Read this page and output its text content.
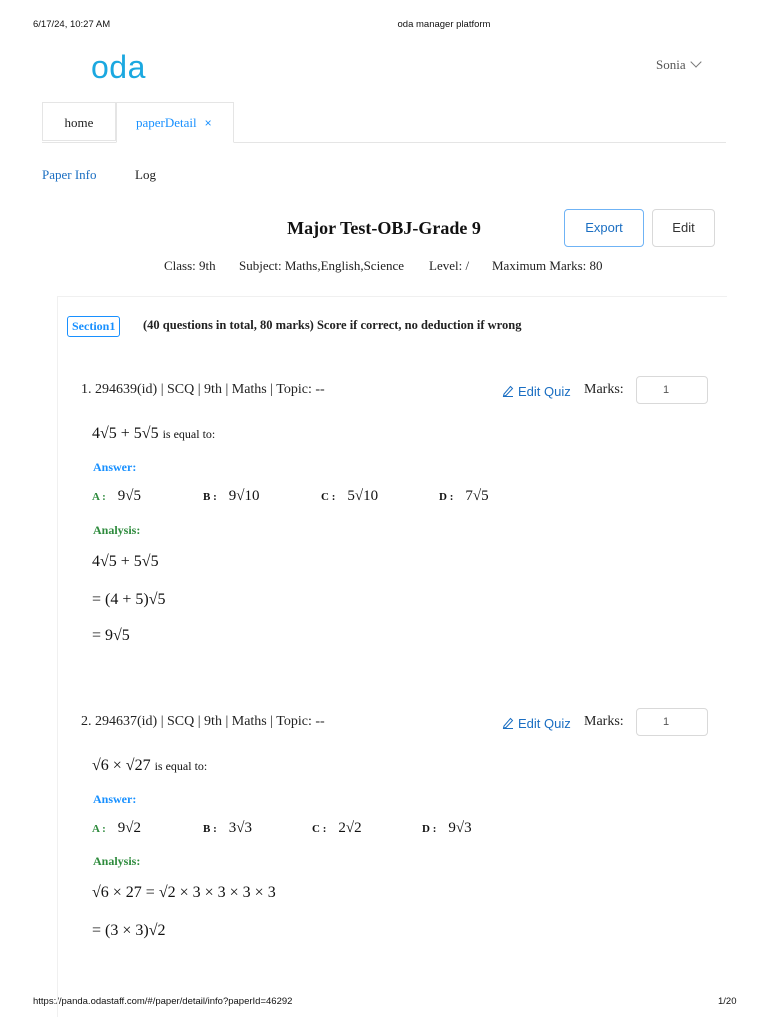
6/17/24, 10:27 AM	oda manager platform
https://panda.odastaff.com/#/paper/detail/info?paperId=46292	1/20
oda	Sonia
home	paperDetail ×
Paper Info	Log
Major Test-OBJ-Grade 9	Export	Edit
Class: 9th Subject: Maths,English,Science Level: / Maximum Marks: 80
Section1	(40 questions in total, 80 marks) Score if correct, no deduction if wrong
1. 294639(id) | SCQ | 9th | Maths | Topic: --	Edit Quiz Marks:	1
4√5 + 5√5 is equal to:
Answer:
A : 9√5	B : 9√10	C : 5√10	D : 7√5
Analysis:
4√5 + 5√5
= (4 + 5)√5
= 9√5
2. 294637(id) | SCQ | 9th | Maths | Topic: --	Edit Quiz Marks:	1
√6 × √27 is equal to:
Answer:
A : 9√2	B : 3√3	C : 2√2	D : 9√3
Analysis:
√6 × 27 = √2 × 3 × 3 × 3 × 3
= (3 × 3)√2
